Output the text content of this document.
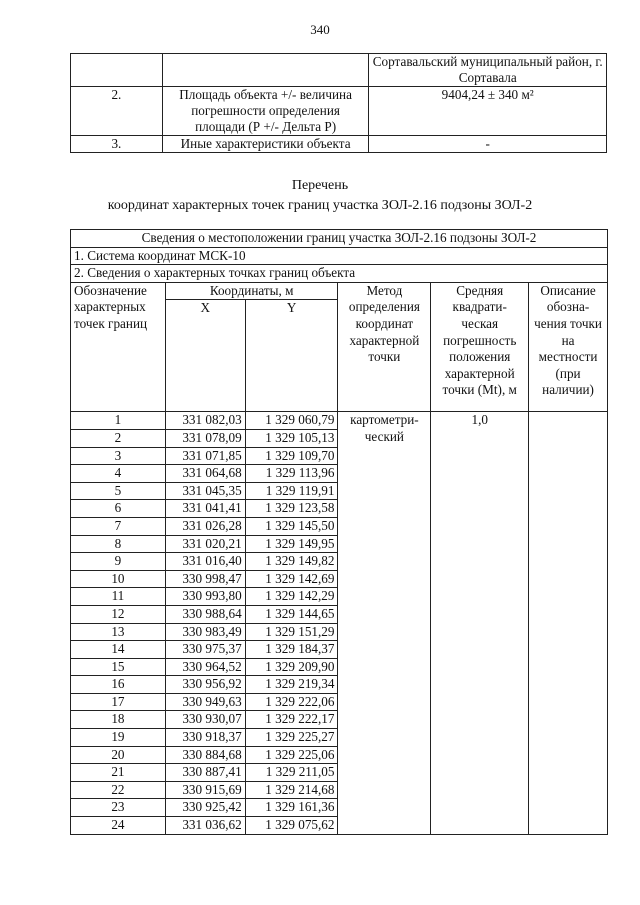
340
		Сортавальский муниципальный район, г. Сортавала
2.	Площадь объекта +/- величина погрешности определения площади (Р +/- Дельта Р)	9404,24 ± 340 м²
3.	Иные характеристики объекта	-
Перечень
координат характерных точек границ участка ЗОЛ-2.16 подзоны ЗОЛ-2
Сведения о местоположении границ участка ЗОЛ-2.16 подзоны ЗОЛ-2					
1. Система координат МСК-10					
2. Сведения о характерных точках границ объекта					
Обозначение характерных точек границ	Координаты, м		Метод определения координат характерной точки	Средняя квадрати-ческая погрешность положения характерной точки (Mt), м	Описание обозна-чения точки на местности (при наличии)
	X	Y			
1	331 082,03	1 329 060,79	картометри-ческий	1,0	
2	331 078,09	1 329 105,13			
3	331 071,85	1 329 109,70			
4	331 064,68	1 329 113,96			
5	331 045,35	1 329 119,91			
6	331 041,41	1 329 123,58			
7	331 026,28	1 329 145,50			
8	331 020,21	1 329 149,95			
9	331 016,40	1 329 149,82			
10	330 998,47	1 329 142,69			
11	330 993,80	1 329 142,29			
12	330 988,64	1 329 144,65			
13	330 983,49	1 329 151,29			
14	330 975,37	1 329 184,37			
15	330 964,52	1 329 209,90			
16	330 956,92	1 329 219,34			
17	330 949,63	1 329 222,06			
18	330 930,07	1 329 222,17			
19	330 918,37	1 329 225,27			
20	330 884,68	1 329 225,06			
21	330 887,41	1 329 211,05			
22	330 915,69	1 329 214,68			
23	330 925,42	1 329 161,36			
24	331 036,62	1 329 075,62			
